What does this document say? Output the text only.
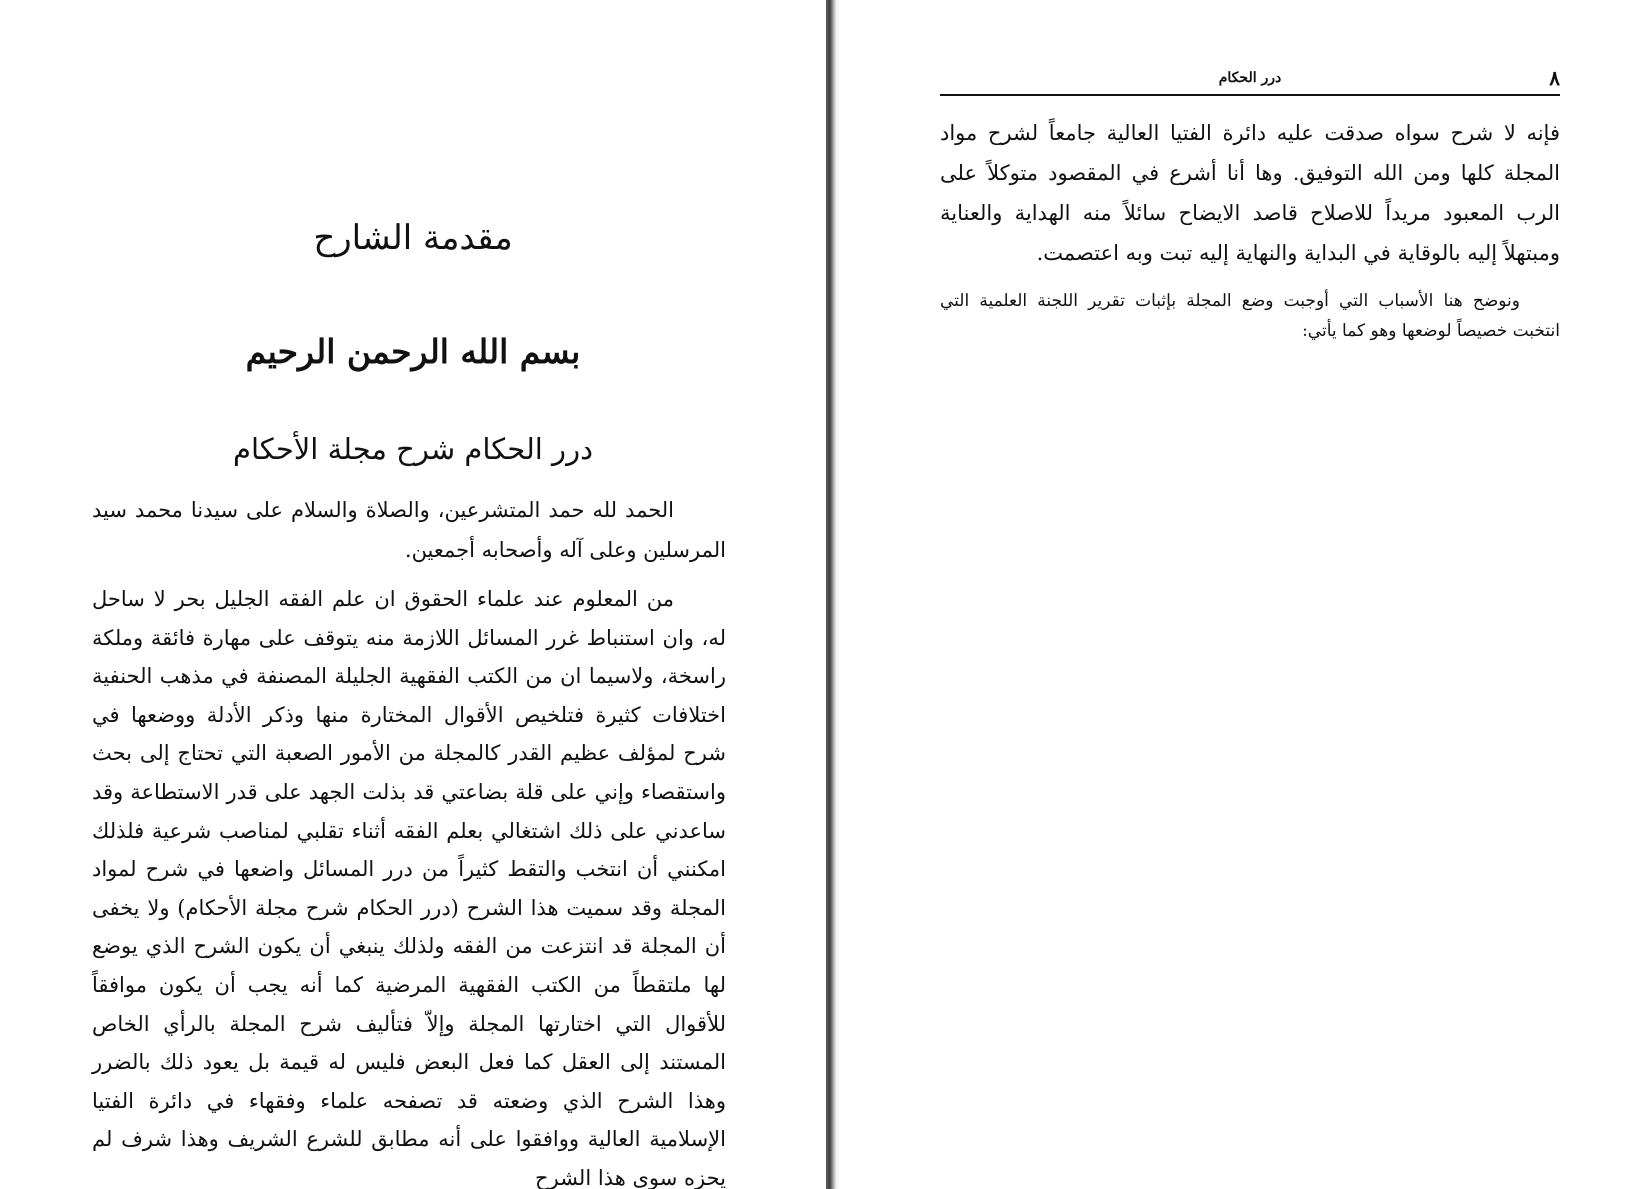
مقدمة الشارح
بسم الله الرحمن الرحيم
درر الحكام شرح مجلة الأحكام

الحمد لله حمد المتشرعين، والصلاة والسلام على سيدنا محمد سيد المرسلين وعلى آله وأصحابه أجمعين.

من المعلوم عند علماء الحقوق ان علم الفقه الجليل بحر لا ساحل له، وان استنباط غرر المسائل اللازمة منه يتوقف على مهارة فائقة وملكة راسخة، ولاسيما ان من الكتب الفقهية الجليلة المصنفة في مذهب الحنفية اختلافات كثيرة فتلخيص الأقوال المختارة منها وذكر الأدلة ووضعها في شرح لمؤلف عظيم القدر كالمجلة من الأمور الصعبة التي تحتاج إلى بحث واستقصاء وإني على قلة بضاعتي قد بذلت الجهد على قدر الاستطاعة وقد ساعدني على ذلك اشتغالي بعلم الفقه أثناء تقلبي لمناصب شرعية فلذلك امكنني أن انتخب والتقط كثيراً من درر المسائل واضعها في شرح لمواد المجلة وقد سميت هذا الشرح (درر الحكام شرح مجلة الأحكام) ولا يخفى أن المجلة قد انتزعت من الفقه ولذلك ينبغي أن يكون الشرح الذي يوضع لها ملتقطاً من الكتب الفقهية المرضية كما أنه يجب أن يكون موافقاً للأقوال التي اختارتها المجلة وإلاّ فتأليف شرح المجلة بالرأي الخاص المستند إلى العقل كما فعل البعض فليس له قيمة بل يعود ذلك بالضرر وهذا الشرح الذي وضعته قد تصفحه علماء وفقهاء في دائرة الفتيا الإسلامية العالية ووافقوا على أنه مطابق للشرع الشريف وهذا شرف لم يحزه سوى هذا الشرح

٨
درر الحكام

فإنه لا شرح سواه صدقت عليه دائرة الفتيا العالية جامعاً لشرح مواد المجلة كلها ومن الله التوفيق. وها أنا أشرع في المقصود متوكلاً على الرب المعبود مريداً للاصلاح قاصد الايضاح سائلاً منه الهداية والعناية ومبتهلاً إليه بالوقاية في البداية والنهاية إليه تبت وبه اعتصمت.

ونوضح هنا الأسباب التي أوجبت وضع المجلة بإثبات تقرير اللجنة العلمية التي انتخبت خصيصاً لوضعها وهو كما يأتي:
